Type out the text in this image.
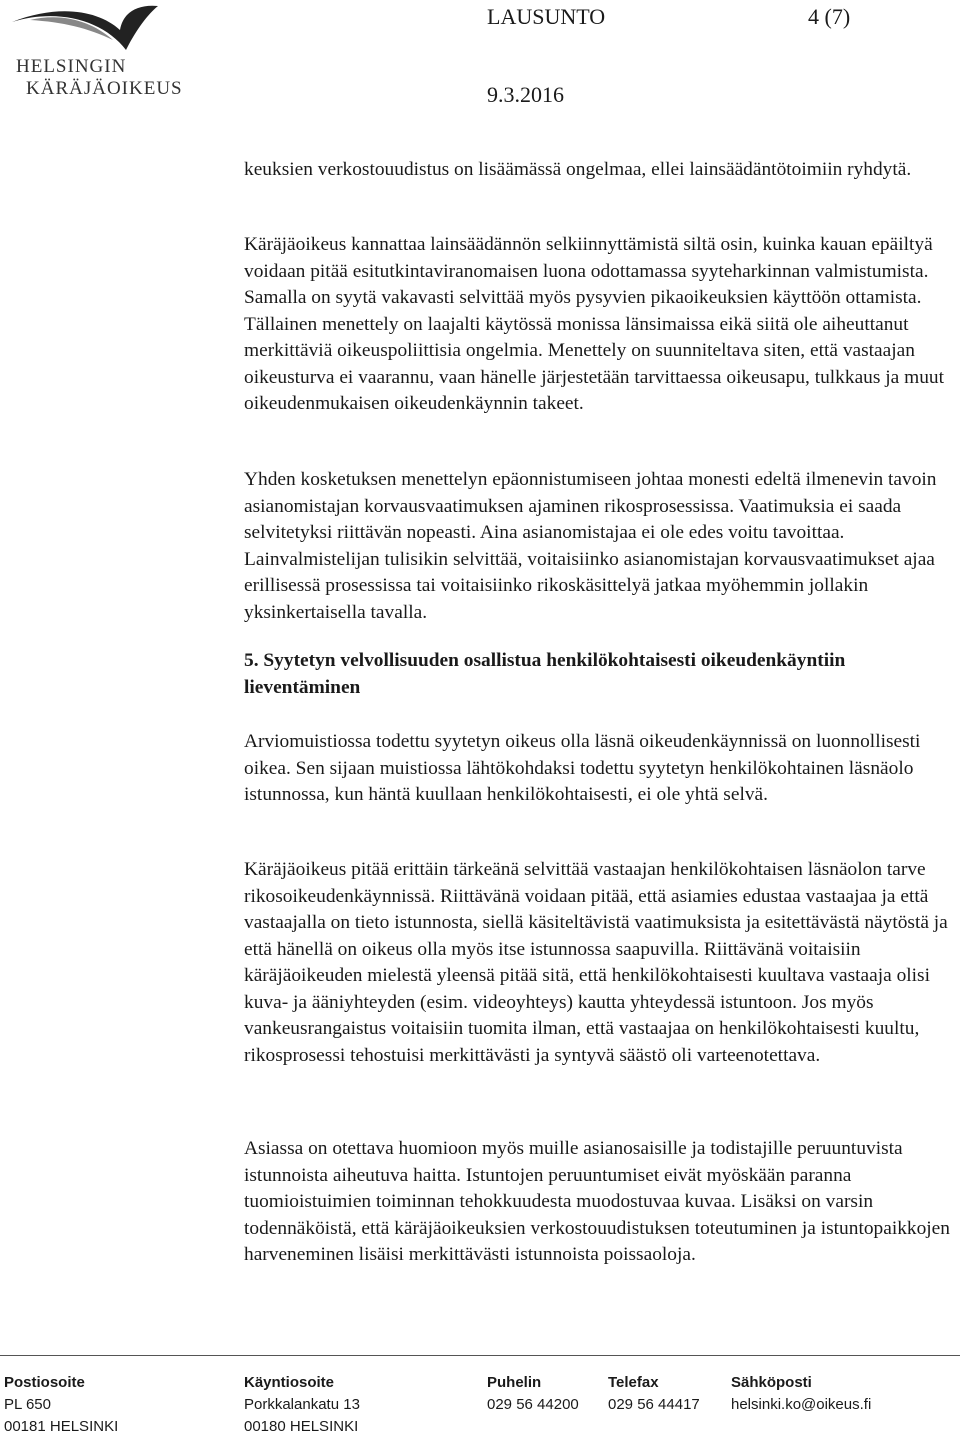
HELSINGIN
KÄRÄJÄOIKEUS
LAUSUNTO	4 (7)
9.3.2016

keuksien verkostouudistus on lisäämässä ongelmaa, ellei lainsäädäntötoimiin ryhdytä.

Käräjäoikeus kannattaa lainsäädännön selkiinnyttämistä siltä osin, kuinka kauan epäiltyä voidaan pitää esitutkintaviranomaisen luona odottamassa syyteharkinnan valmistumista. Samalla on syytä vakavasti selvittää myös pysyvien pikaoikeuksien käyttöön ottamista. Tällainen menettely on laajalti käytössä monissa länsimaissa eikä siitä ole aiheuttanut merkittäviä oikeuspoliittisia ongelmia. Menettely on suunniteltava siten, että vastaajan oikeusturva ei vaarannu, vaan hänelle järjestetään tarvittaessa oikeusapu, tulkkaus ja muut oikeudenmukaisen oikeudenkäynnin takeet.

Yhden kosketuksen menettelyn epäonnistumiseen johtaa monesti edeltä ilmenevin tavoin asianomistajan korvausvaatimuksen ajaminen rikosprosessissa. Vaatimuksia ei saada selvitetyksi riittävän nopeasti. Aina asianomistajaa ei ole edes voitu tavoittaa. Lainvalmistelijan tulisikin selvittää, voitaisiinko asianomistajan korvausvaatimukset ajaa erillisessä prosessissa tai voitaisiinko rikoskäsittelyä jatkaa myöhemmin jollakin yksinkertaisella tavalla.

5. Syytetyn velvollisuuden osallistua henkilökohtaisesti oikeudenkäyntiin lieventäminen

Arviomuistiossa todettu syytetyn oikeus olla läsnä oikeudenkäynnissä on luonnollisesti oikea. Sen sijaan muistiossa lähtökohdaksi todettu syytetyn henkilökohtainen läsnäolo istunnossa, kun häntä kuullaan henkilökohtaisesti, ei ole yhtä selvä.

Käräjäoikeus pitää erittäin tärkeänä selvittää vastaajan henkilökohtaisen läsnäolon tarve rikosoikeudenkäynnissä. Riittävänä voidaan pitää, että asiamies edustaa vastaajaa ja että vastaajalla on tieto istunnosta, siellä käsiteltävistä vaatimuksista ja esitettävästä näytöstä ja että hänellä on oikeus olla myös itse istunnossa saapuvilla. Riittävänä voitaisiin käräjäoikeuden mielestä yleensä pitää sitä, että henkilökohtaisesti kuultava vastaaja olisi kuva- ja ääniyhteyden (esim. videoyhteys) kautta yhteydessä istuntoon. Jos myös vankeusrangaistus voitaisiin tuomita ilman, että vastaajaa on henkilökohtaisesti kuultu, rikosprosessi tehostuisi merkittävästi ja syntyvä säästö oli varteenotettava.

Asiassa on otettava huomioon myös muille asianosaisille ja todistajille peruuntuvista istunnoista aiheutuva haitta. Istuntojen peruuntumiset eivät myöskään paranna tuomioistuimien toiminnan tehokkuudesta muodostuvaa kuvaa. Lisäksi on varsin todennäköistä, että käräjäoikeuksien verkostouudistuksen toteutuminen ja istuntopaikkojen harveneminen lisäisi merkittävästi istunnoista poissaoloja.

Postiosoite
PL 650
00181 HELSINKI
Käyntiosoite
Porkkalankatu 13
00180 HELSINKI
Puhelin
029 56 44200
Telefax
029 56 44417
Sähköposti
helsinki.ko@oikeus.fi
